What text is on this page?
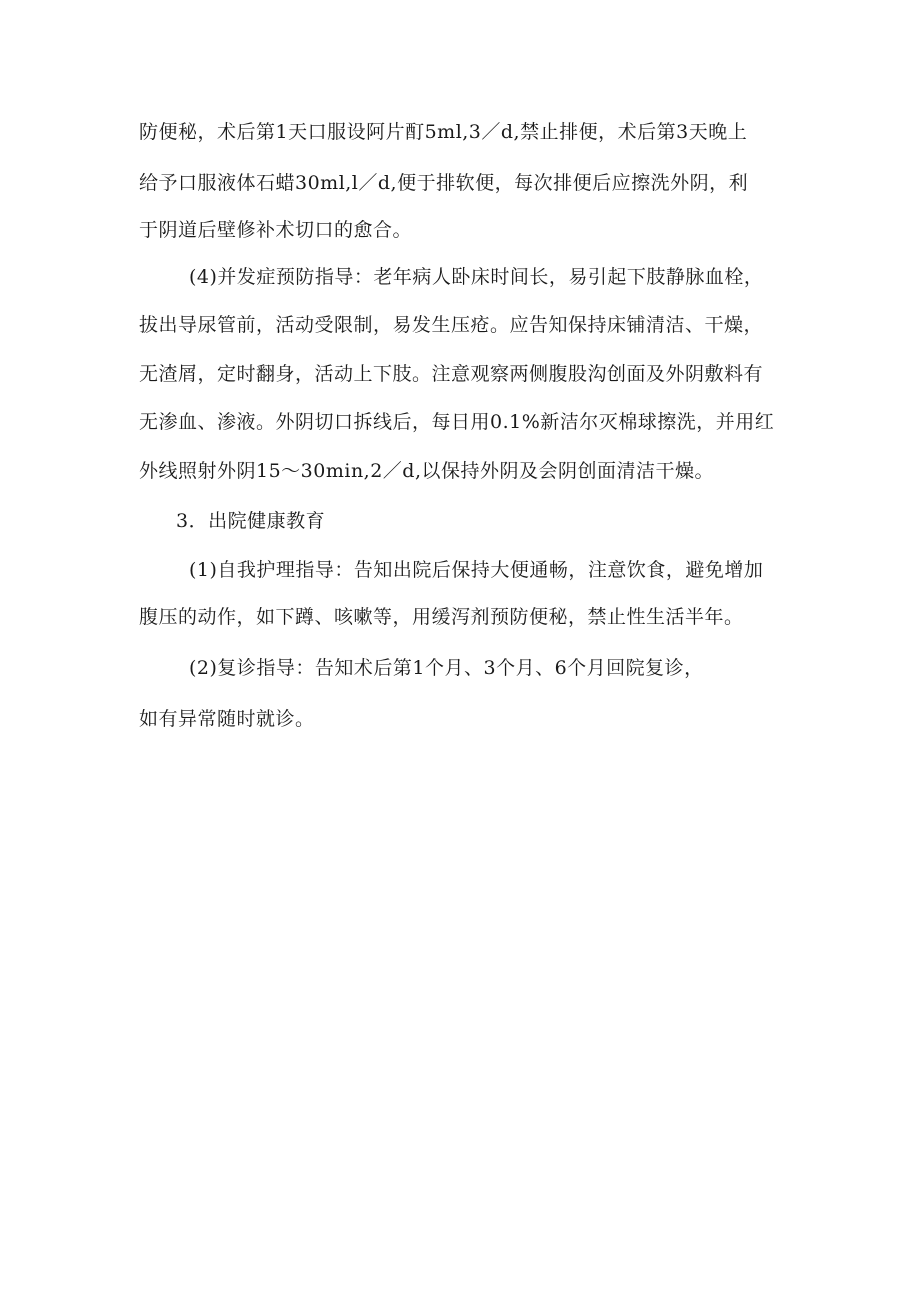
防便秘，术后第1天口服设阿片酊5ml,3／d,禁止排便，术后第3天晚上
给予口服液体石蜡30ml,l／d,便于排软便，每次排便后应擦洗外阴，利
于阴道后壁修补术切口的愈合。
(4)并发症预防指导：老年病人卧床时间长，易引起下肢静脉血栓，
拔出导尿管前，活动受限制，易发生压疮。应告知保持床铺清洁、干燥，
无渣屑，定时翻身，活动上下肢。注意观察两侧腹股沟创面及外阴敷料有
无渗血、渗液。外阴切口拆线后，每日用0.1%新洁尔灭棉球擦洗，并用红
外线照射外阴15～30min,2／d,以保持外阴及会阴创面清洁干燥。
3．出院健康教育
(1)自我护理指导：告知出院后保持大便通畅，注意饮食，避免增加
腹压的动作，如下蹲、咳嗽等，用缓泻剂预防便秘，禁止性生活半年。
(2)复诊指导：告知术后第1个月、3个月、6个月回院复诊，
如有异常随时就诊。
